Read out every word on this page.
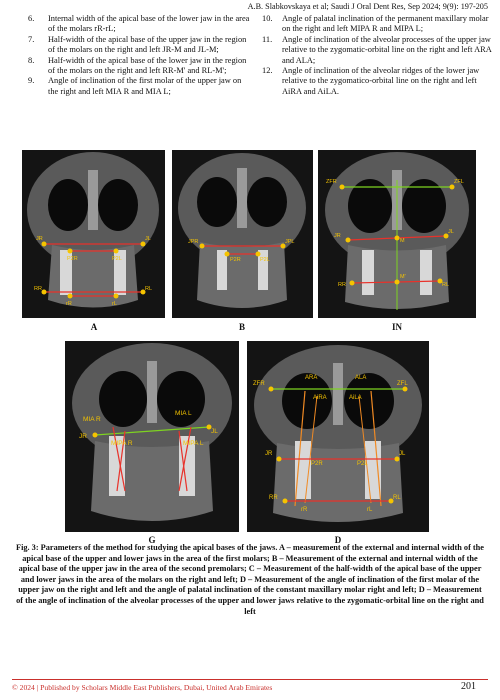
A.B. Slabkovskaya et al; Saudi J Oral Dent Res, Sep 2024; 9(9): 197-205
6.	Internal width of the apical base of the lower jaw in the area of the molars rR-rL;
7.	Half-width of the apical base of the upper jaw in the region of the molars on the right and left JR-M and JL-M;
8.	Half-width of the apical base of the lower jaw in the region of the molars on the right and left RR-M' and RL-M';
9.	Angle of inclination of the first molar of the upper jaw on the right and left MIA R and MIA L;
10.	Angle of palatal inclination of the permanent maxillary molar on the right and left MIPA R and MIPA L;
11.	Angle of inclination of the alveolar processes of the upper jaw relative to the zygomatic-orbital line on the right and left ARA and ALA;
12.	Angle of inclination of the alveolar ridges of the lower jaw relative to the zygomatico-orbital line on the right and left AiRA and AiLA.
JR	JL
P2R	P2L
RR	RL
rR	rL
A
JPR	JPL
P2R	P2L
B
ZFR	ZFL
JR
JL
M
M'
RR	RL
IN
MIA R
MIA L
JR
JL
MIPA R	MIPA L
G
ZFR	ZFL
ARA	ALA
AiRA	AiLA
JR	JL
P2R	P2L
RR	RL
rR	rL
D
Fig. 3: Parameters of the method for studying the apical bases of the jaws. A – measurement of the external and internal width of the apical base of the upper and lower jaws in the area of the first molars; B – Measurement of the external and internal width of the apical base of the upper jaw in the area of the second premolars; C – Measurement of the half-width of the apical base of the upper and lower jaws in the area of the molars on the right and left; D – Measurement of the angle of inclination of the first molar of the upper jaw on the right and left and the angle of palatal inclination of the constant maxillary molar right and left; D – Measurement of the angle of inclination of the alveolar processes of the upper and lower jaws relative to the zygomatic-orbital line on the right and left
© 2024 | Published by Scholars Middle East Publishers, Dubai, United Arab Emirates	201
